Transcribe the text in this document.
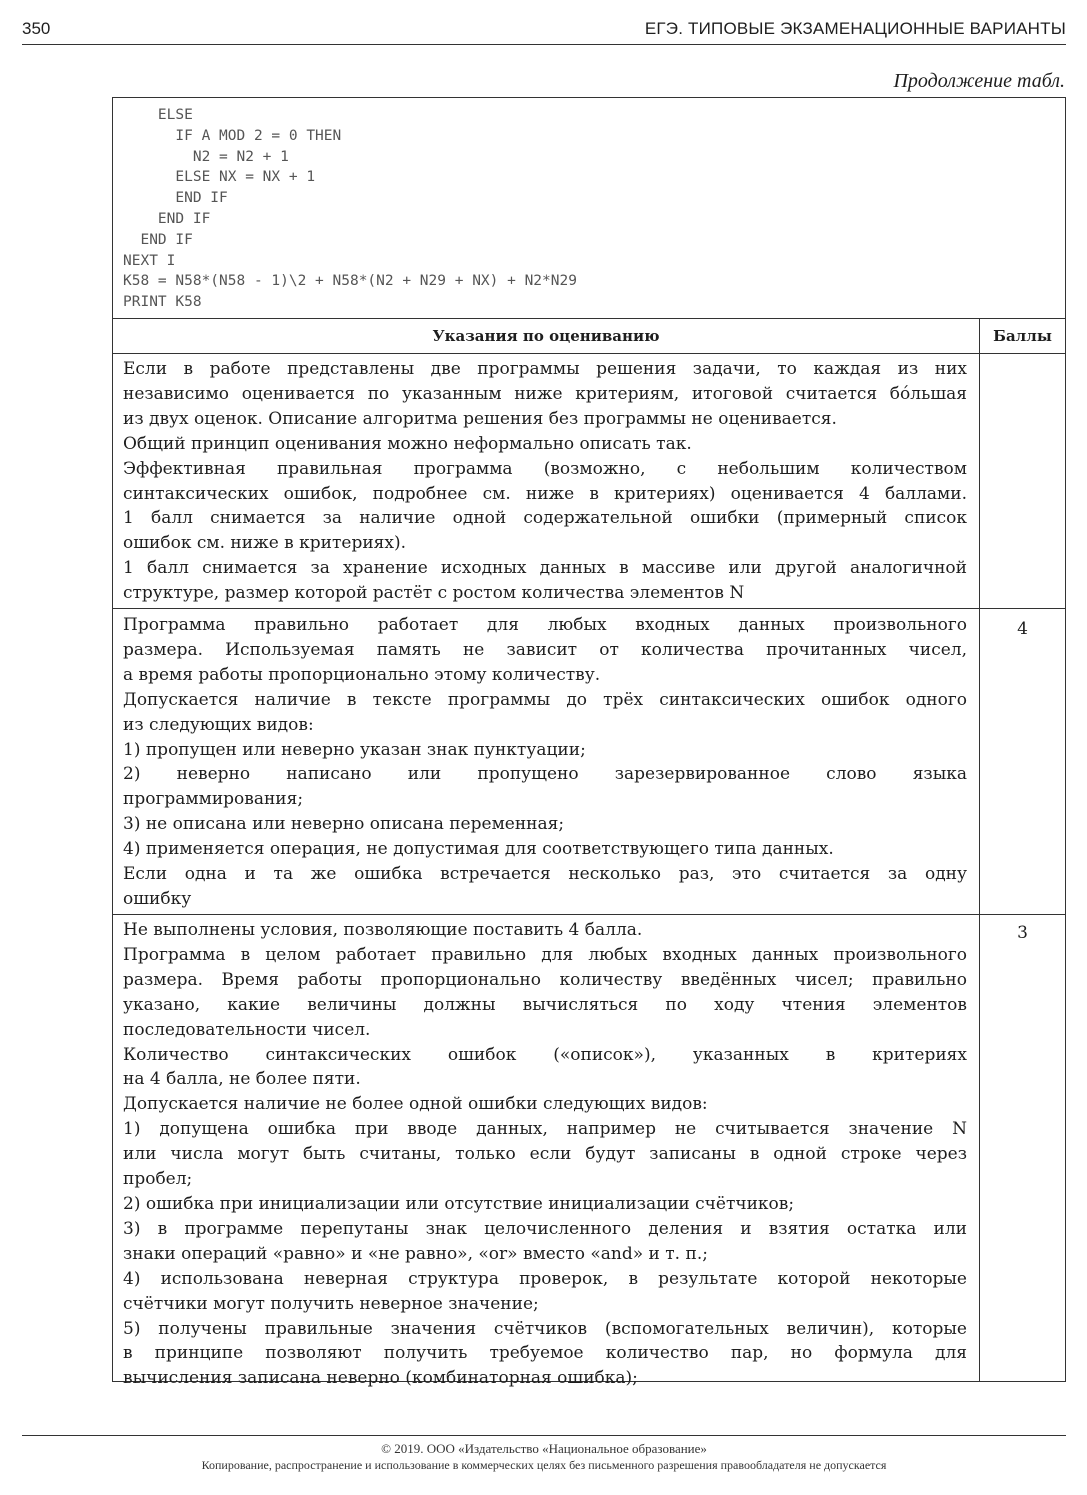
350	ЕГЭ. ТИПОВЫЕ ЭКЗАМЕНАЦИОННЫЕ ВАРИАНТЫ
Продолжение табл.
ELSE
IF A MOD 2 = 0 THEN
N2 = N2 + 1
ELSE NX = NX + 1
END IF
END IF
END IF
NEXT I
K58 = N58*(N58 - 1)\2 + N58*(N2 + N29 + NX) + N2*N29
PRINT K58
Указания по оцениванию	Баллы

Если в работе представлены две программы решения задачи, то каждая из них

независимо оценивается по указанным ниже критериям, итоговой считается бóльшая

из двух оценок. Описание алгоритма решения без программы не оценивается.

Общий принцип оценивания можно неформально описать так.

Эффективная правильная программа (возможно, с небольшим количеством

синтаксических ошибок, подробнее см. ниже в критериях) оценивается 4 баллами.

1 балл снимается за наличие одной содержательной ошибки (примерный список

ошибок см. ниже в критериях).

1 балл снимается за хранение исходных данных в массиве или другой аналогичной

структуре, размер которой растёт с ростом количества элементов N

Программа правильно работает для любых входных данных произвольного

размера. Используемая память не зависит от количества прочитанных чисел,

а время работы пропорционально этому количеству.

Допускается наличие в тексте программы до трёх синтаксических ошибок одного

из следующих видов:

1) пропущен или неверно указан знак пунктуации;

2) неверно написано или пропущено зарезервированное слово языка

программирования;

3) не описана или неверно описана переменная;

4) применяется операция, не допустимая для соответствующего типа данных.

Если одна и та же ошибка встречается несколько раз, это считается за одну

ошибку

4

Не выполнены условия, позволяющие поставить 4 балла.

Программа в целом работает правильно для любых входных данных произвольного

размера. Время работы пропорционально количеству введённых чисел; правильно

указано, какие величины должны вычисляться по ходу чтения элементов

последовательности чисел.

Количество синтаксических ошибок («описок»), указанных в критериях

на 4 балла, не более пяти.

Допускается наличие не более одной ошибки следующих видов:

1) допущена ошибка при вводе данных, например не считывается значение N

или числа могут быть считаны, только если будут записаны в одной строке через

пробел;

2) ошибка при инициализации или отсутствие инициализации счётчиков;

3) в программе перепутаны знак целочисленного деления и взятия остатка или

знаки операций «равно» и «не равно», «or» вместо «and» и т. п.;

4) использована неверная структура проверок, в результате которой некоторые

счётчики могут получить неверное значение;

5) получены правильные значения счётчиков (вспомогательных величин), которые

в принципе позволяют получить требуемое количество пар, но формула для

вычисления записана неверно (комбинаторная ошибка);

3
© 2019. ООО «Издательство «Национальное образование»
Копирование, распространение и использование в коммерческих целях без письменного разрешения правообладателя не допускается
